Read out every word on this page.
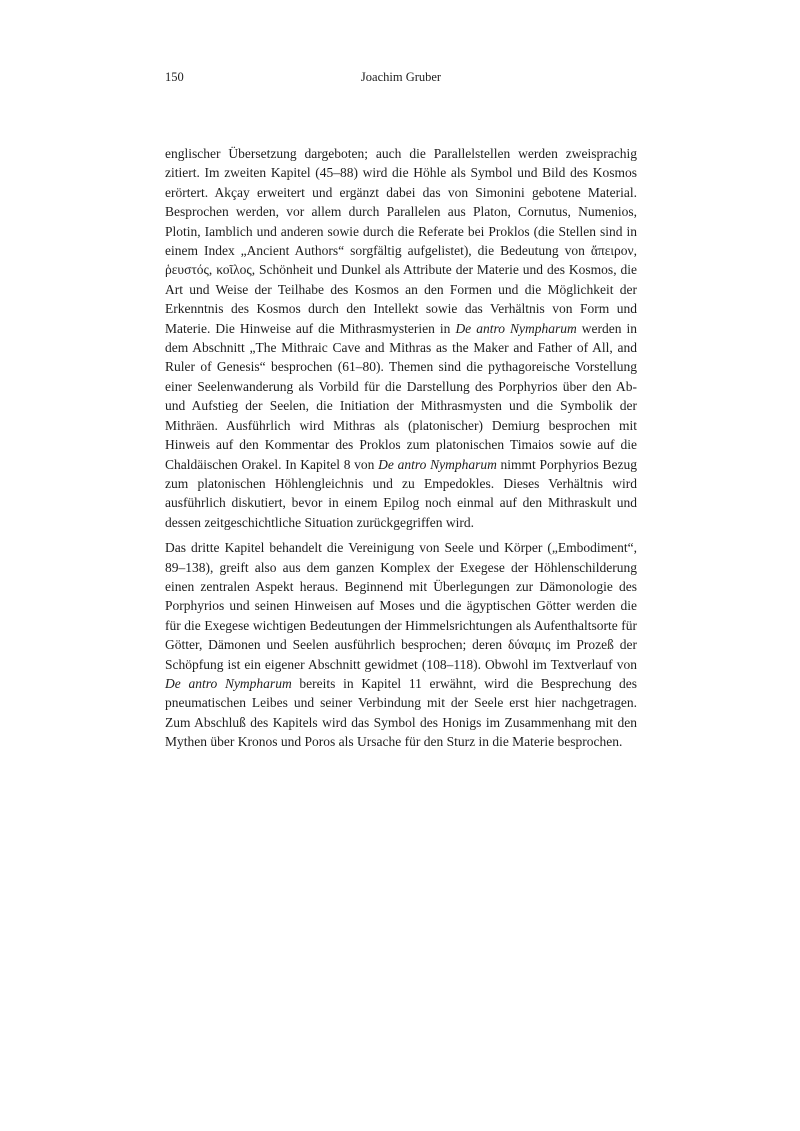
150	Joachim Gruber

englischer Übersetzung dargeboten; auch die Parallelstellen werden zweisprachig zitiert. Im zweiten Kapitel (45–88) wird die Höhle als Symbol und Bild des Kosmos erörtert. Akçay erweitert und ergänzt dabei das von Simonini gebotene Material. Besprochen werden, vor allem durch Parallelen aus Platon, Cornutus, Numenios, Plotin, Iamblich und anderen sowie durch die Referate bei Proklos (die Stellen sind in einem Index „Ancient Authors“ sorgfältig aufgelistet), die Bedeutung von ἄπειρον, ῥευστός, κοῖλος, Schönheit und Dunkel als Attribute der Materie und des Kosmos, die Art und Weise der Teilhabe des Kosmos an den Formen und die Möglichkeit der Erkenntnis des Kosmos durch den Intellekt sowie das Verhältnis von Form und Materie. Die Hinweise auf die Mithrasmysterien in De antro Nympharum werden in dem Abschnitt „The Mithraic Cave and Mithras as the Maker and Father of All, and Ruler of Genesis“ besprochen (61–80). Themen sind die pythagoreische Vorstellung einer Seelenwanderung als Vorbild für die Darstellung des Porphyrios über den Ab- und Aufstieg der Seelen, die Initiation der Mithrasmysten und die Symbolik der Mithräen. Ausführlich wird Mithras als (platonischer) Demiurg besprochen mit Hinweis auf den Kommentar des Proklos zum platonischen Timaios sowie auf die Chaldäischen Orakel. In Kapitel 8 von De antro Nympharum nimmt Porphyrios Bezug zum platonischen Höhlengleichnis und zu Empedokles. Dieses Verhältnis wird ausführlich diskutiert, bevor in einem Epilog noch einmal auf den Mithraskult und dessen zeitgeschichtliche Situation zurückgegriffen wird.

Das dritte Kapitel behandelt die Vereinigung von Seele und Körper („Embodiment“, 89–138), greift also aus dem ganzen Komplex der Exegese der Höhlenschilderung einen zentralen Aspekt heraus. Beginnend mit Überlegungen zur Dämonologie des Porphyrios und seinen Hinweisen auf Moses und die ägyptischen Götter werden die für die Exegese wichtigen Bedeutungen der Himmelsrichtungen als Aufenthaltsorte für Götter, Dämonen und Seelen ausführlich besprochen; deren δύναμις im Prozeß der Schöpfung ist ein eigener Abschnitt gewidmet (108–118). Obwohl im Textverlauf von De antro Nympharum bereits in Kapitel 11 erwähnt, wird die Besprechung des pneumatischen Leibes und seiner Verbindung mit der Seele erst hier nachgetragen. Zum Abschluß des Kapitels wird das Symbol des Honigs im Zusammenhang mit den Mythen über Kronos und Poros als Ursache für den Sturz in die Materie besprochen.
